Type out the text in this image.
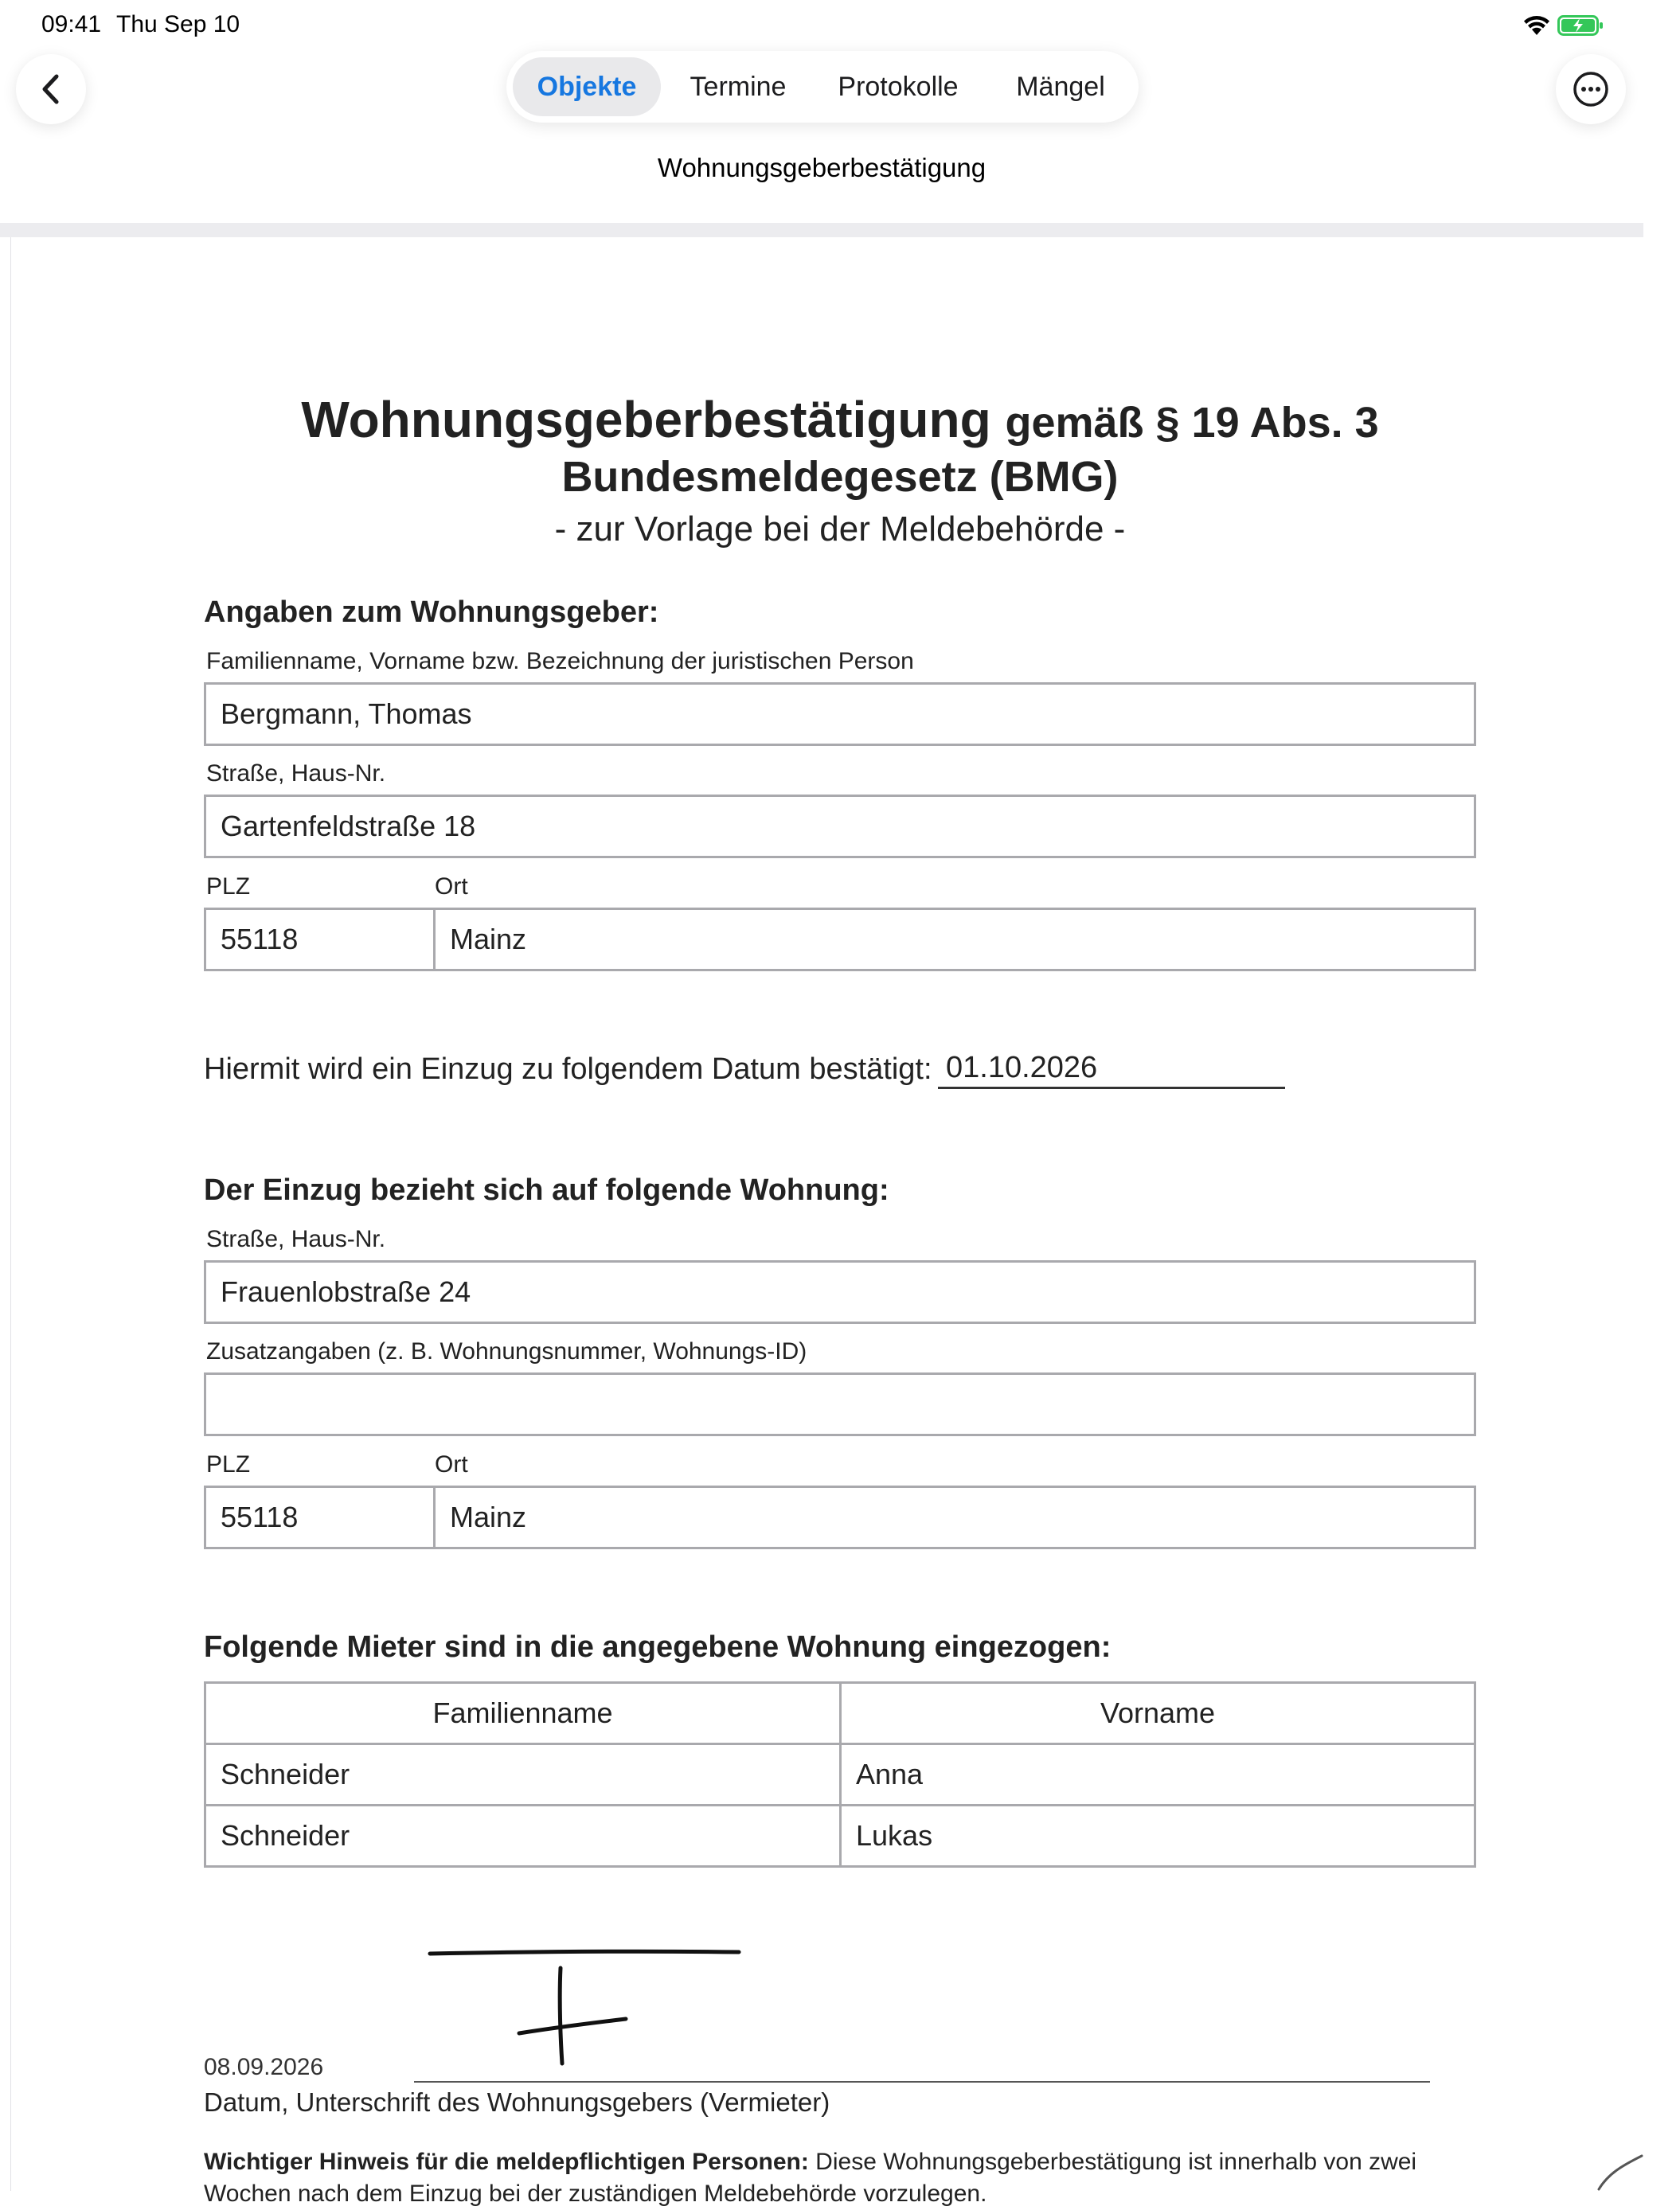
09:41 Thu Sep 10
Objekte	Termine	Protokolle	Mängel
Wohnungsgeberbestätigung
Wohnungsgeberbestätigung gemäß § 19 Abs. 3
Bundesmeldegesetz (BMG)
- zur Vorlage bei der Meldebehörde -
Angaben zum Wohnungsgeber:
Familienname, Vorname bzw. Bezeichnung der juristischen Person
Bergmann, Thomas
Straße, Haus-Nr.
Gartenfeldstraße 18
PLZ	Ort
55118	Mainz
Hiermit wird ein Einzug zu folgendem Datum bestätigt: 01.10.2026
Der Einzug bezieht sich auf folgende Wohnung:
Straße, Haus-Nr.
Frauenlobstraße 24
Zusatzangaben (z. B. Wohnungsnummer, Wohnungs-ID)
PLZ	Ort
55118	Mainz
Folgende Mieter sind in die angegebene Wohnung eingezogen:
Familienname	Vorname
Schneider	Anna
Schneider	Lukas
08.09.2026
Datum, Unterschrift des Wohnungsgebers (Vermieter)
Wichtiger Hinweis für die meldepflichtigen Personen: Diese Wohnungsgeberbestätigung ist innerhalb von zwei Wochen nach dem Einzug bei der zuständigen Meldebehörde vorzulegen.
